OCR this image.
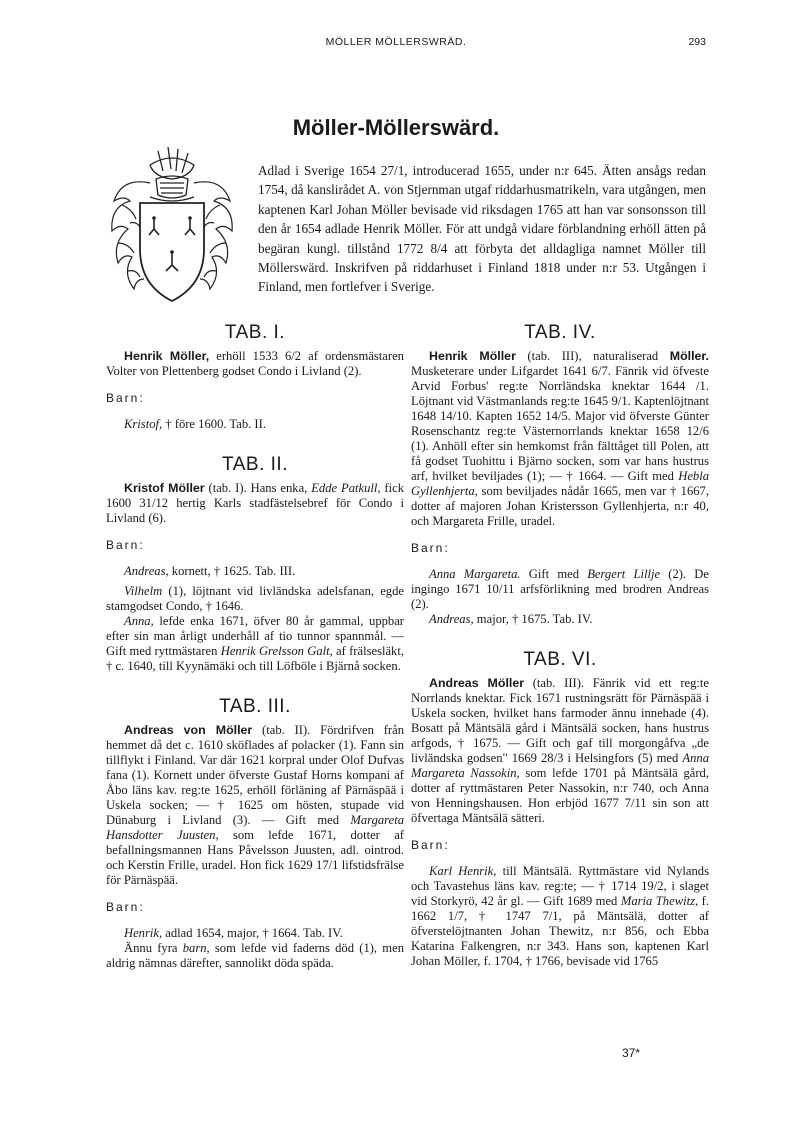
MÖLLER MÖLLERSWRÄD.	293
Möller-Möllerswärd.

Adlad i Sverige 1654 27/1, introducerad 1655, under n:r 645. Ätten ansågs redan 1754, då kanslirådet A. von Stjernman utgaf riddarhusmatrikeln, vara utgången, men kaptenen Karl Johan Möller bevisade vid riksdagen 1765 att han var sonsonsson till den år 1654 adlade Henrik Möller. För att undgå vidare förblandning erhöll ätten på begäran kungl. tillstånd 1772 8/4 att förbyta det alldagliga namnet Möller till Möllerswärd. Inskrifven på riddarhuset i Finland 1818 under n:r 53. Utgången i Finland, men fortlefver i Sverige.

TAB. I.

Henrik Möller, erhöll 1533 6/2 af ordensmästaren Volter von Plettenberg godset Condo i Livland (2).

Barn:

Kristof, † före 1600. Tab. II.

TAB. II.

Kristof Möller (tab. I). Hans enka, Edde Patkull, fick 1600 31/12 hertig Karls stadfästelsebref för Condo i Livland (6).

Barn:

Andreas, kornett, † 1625. Tab. III.

Vilhelm (1), löjtnant vid livländska adelsfanan, egde stamgodset Condo, † 1646.

Anna, lefde enka 1671, öfver 80 år gammal, uppbar efter sin man årligt underhåll af tio tunnor spannmål. — Gift med ryttmästaren Henrik Grelsson Galt, af frälsesläkt, † c. 1640, till Kyynämäki och till Löfböle i Bjärnå socken.

TAB. III.

Andreas von Möller (tab. II). Fördrifven från hemmet då det c. 1610 sköflades af polacker (1). Fann sin tillflykt i Finland. Var där 1621 korpral under Olof Dufvas fana (1). Kornett under öfverste Gustaf Horns kompani af Åbo läns kav. reg:te 1625, erhöll förläning af Pärnäspää i Uskela socken; — † 1625 om hösten, stupade vid Dünaburg i Livland (3). — Gift med Margareta Hansdotter Juusten, som lefde 1671, dotter af befallningsmannen Hans Påvelsson Juusten, adl. ointrod. och Kerstin Frille, uradel. Hon fick 1629 17/1 lifstidsfrälse för Pärnäspää.

Barn:

Henrik, adlad 1654, major, † 1664. Tab. IV.

Ännu fyra barn, som lefde vid faderns död (1), men aldrig nämnas därefter, sannolikt döda späda.

TAB. IV.

Henrik Möller (tab. III), naturaliserad Möller. Musketerare under Lifgardet 1641 6/7. Fänrik vid öfveste Arvid Forbus' reg:te Norrländska knektar 1644 /1. Löjtnant vid Västmanlands reg:te 1645 9/1. Kaptenlöjtnant 1648 14/10. Kapten 1652 14/5. Major vid öfverste Günter Rosenschantz reg:te Västernorrlands knektar 1658 12/6 (1). Anhöll efter sin hemkomst från fälttåget till Polen, att få godset Tuohittu i Bjärno socken, som var hans hustrus arf, hvilket beviljades (1); — † 1664. — Gift med Hebla Gyllenhjerta, som beviljades nådår 1665, men var † 1667, dotter af majoren Johan Kristersson Gyllenhjerta, n:r 40, och Margareta Frille, uradel.

Barn:

Anna Margareta. Gift med Bergert Lillje (2). De ingingo 1671 10/11 arfsförlikning med brodren Andreas (2).

Andreas, major, † 1675. Tab. IV.

TAB. VI.

Andreas Möller (tab. III). Fänrik vid ett reg:te Norrlands knektar. Fick 1671 rustningsrätt för Pärnäspää i Uskela socken, hvilket hans farmoder ännu innehade (4). Bosatt på Mäntsälä gård i Mäntsälä socken, hans hustrus arfgods, † 1675. — Gift och gaf till morgongåfva „de livländska godsen" 1669 28/3 i Helsingfors (5) med Anna Margareta Nassokin, som lefde 1701 på Mäntsälä gård, dotter af ryttmästaren Peter Nassokin, n:r 740, och Anna von Henningshausen. Hon erbjöd 1677 7/11 sin son att öfvertaga Mäntsälä sätteri.

Barn:

Karl Henrik, till Mäntsälä. Ryttmästare vid Nylands och Tavastehus läns kav. reg:te; — † 1714 19/2, i slaget vid Storkyrö, 42 år gl. — Gift 1689 med Maria Thewitz, f. 1662 1/7, † 1747 7/1, på Mäntsälä, dotter af öfverstelöjtnanten Johan Thewitz, n:r 856, och Ebba Katarina Falkengren, n:r 343. Hans son, kaptenen Karl Johan Möller, f. 1704, † 1766, bevisade vid 1765

37*
